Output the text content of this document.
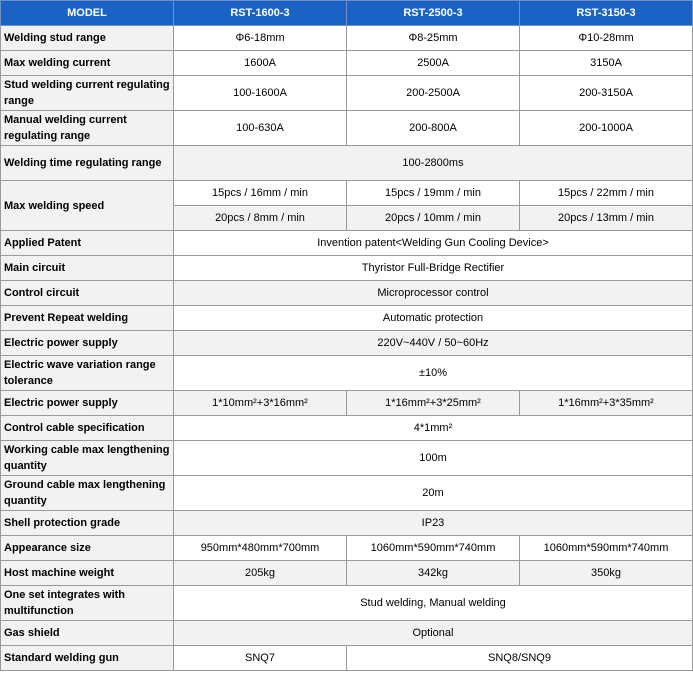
MODEL	RST-1600-3	RST-2500-3	RST-3150-3
Welding stud range	Φ6-18mm	Φ8-25mm	Φ10-28mm
Max welding current	1600A	2500A	3150A
Stud welding current regulating range	100-1600A	200-2500A	200-3150A
Manual welding current regulating range	100-630A	200-800A	200-1000A
Welding time regulating range	100-2800ms		
Max welding speed	15pcs / 16mm / min	15pcs / 19mm / min	15pcs / 22mm / min
	20pcs / 8mm / min	20pcs / 10mm / min	20pcs / 13mm / min
Applied Patent	Invention patent<Welding Gun Cooling Device>		
Main circuit	Thyristor Full-Bridge Rectifier		
Control circuit	Microprocessor control		
Prevent Repeat welding	Automatic protection		
Electric power supply	220V~440V / 50~60Hz		
Electric wave variation range tolerance	±10%		
Electric power supply	1*10mm²+3*16mm²	1*16mm²+3*25mm²	1*16mm²+3*35mm²
Control cable specification	4*1mm²		
Working cable max lengthening quantity	100m		
Ground cable max lengthening quantity	20m		
Shell protection grade	IP23		
Appearance size	950mm*480mm*700mm	1060mm*590mm*740mm	1060mm*590mm*740mm
Host machine weight	205kg	342kg	350kg
One set integrates with multifunction	Stud welding, Manual welding		
Gas shield	Optional		
Standard welding gun	SNQ7	SNQ8/SNQ9	
